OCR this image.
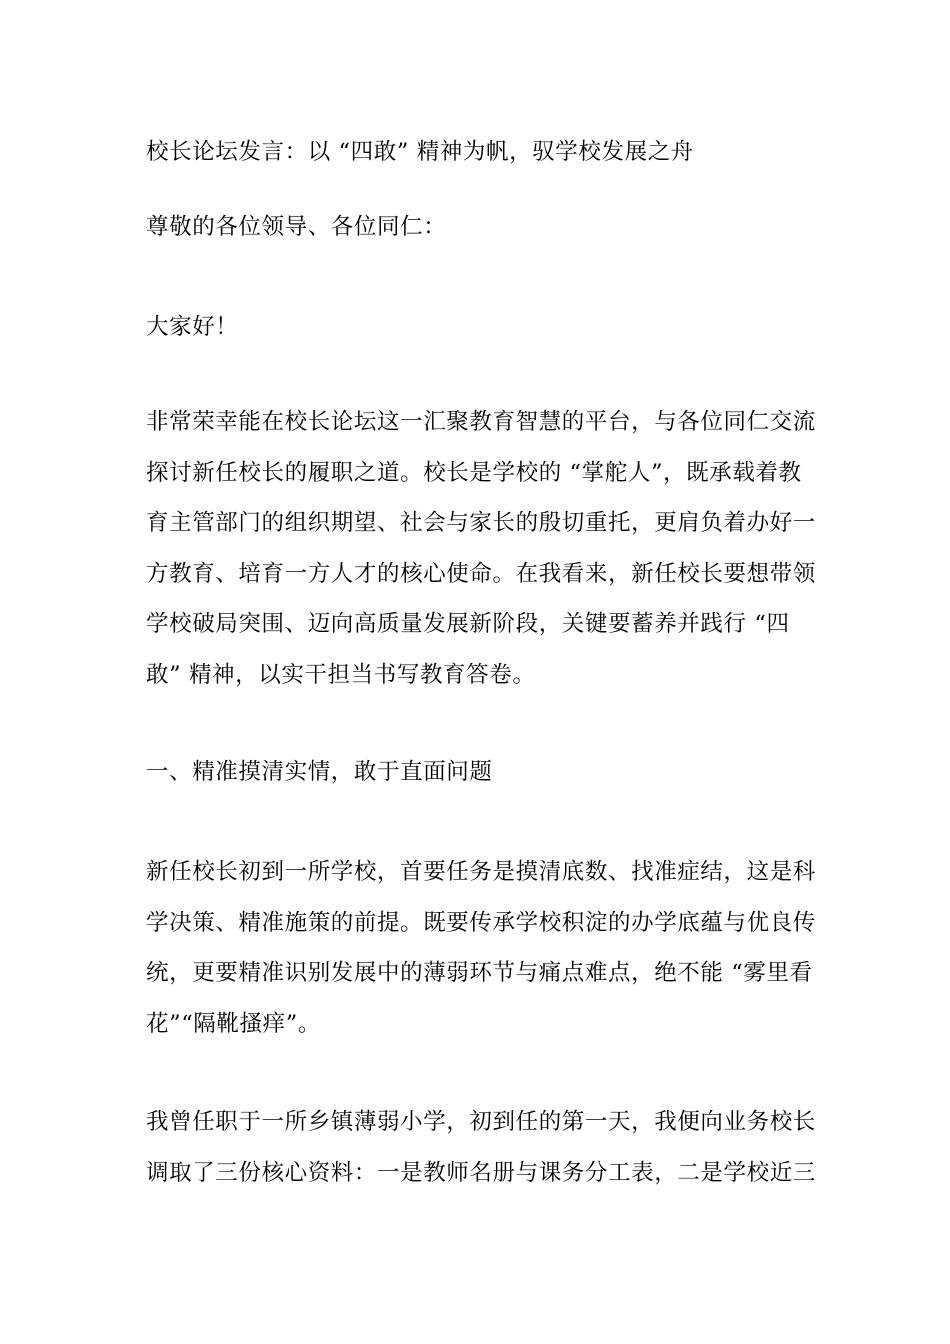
校长论坛发言：以 “四敢” 精神为帆，驭学校发展之舟

尊敬的各位领导、各位同仁：

大家好！

非常荣幸能在校长论坛这一汇聚教育智慧的平台，与各位同仁交流
探讨新任校长的履职之道。校长是学校的 “掌舵人”，既承载着教
育主管部门的组织期望、社会与家长的殷切重托，更肩负着办好一
方教育、培育一方人才的核心使命。在我看来，新任校长要想带领
学校破局突围、迈向高质量发展新阶段，关键要蓄养并践行 “四
敢” 精神，以实干担当书写教育答卷。

一、精准摸清实情，敢于直面问题

新任校长初到一所学校，首要任务是摸清底数、找准症结，这是科
学决策、精准施策的前提。既要传承学校积淀的办学底蕴与优良传
统，更要精准识别发展中的薄弱环节与痛点难点，绝不能 “雾里看
花”“隔靴搔痒”。

我曾任职于一所乡镇薄弱小学，初到任的第一天，我便向业务校长
调取了三份核心资料：一是教师名册与课务分工表，二是学校近三
